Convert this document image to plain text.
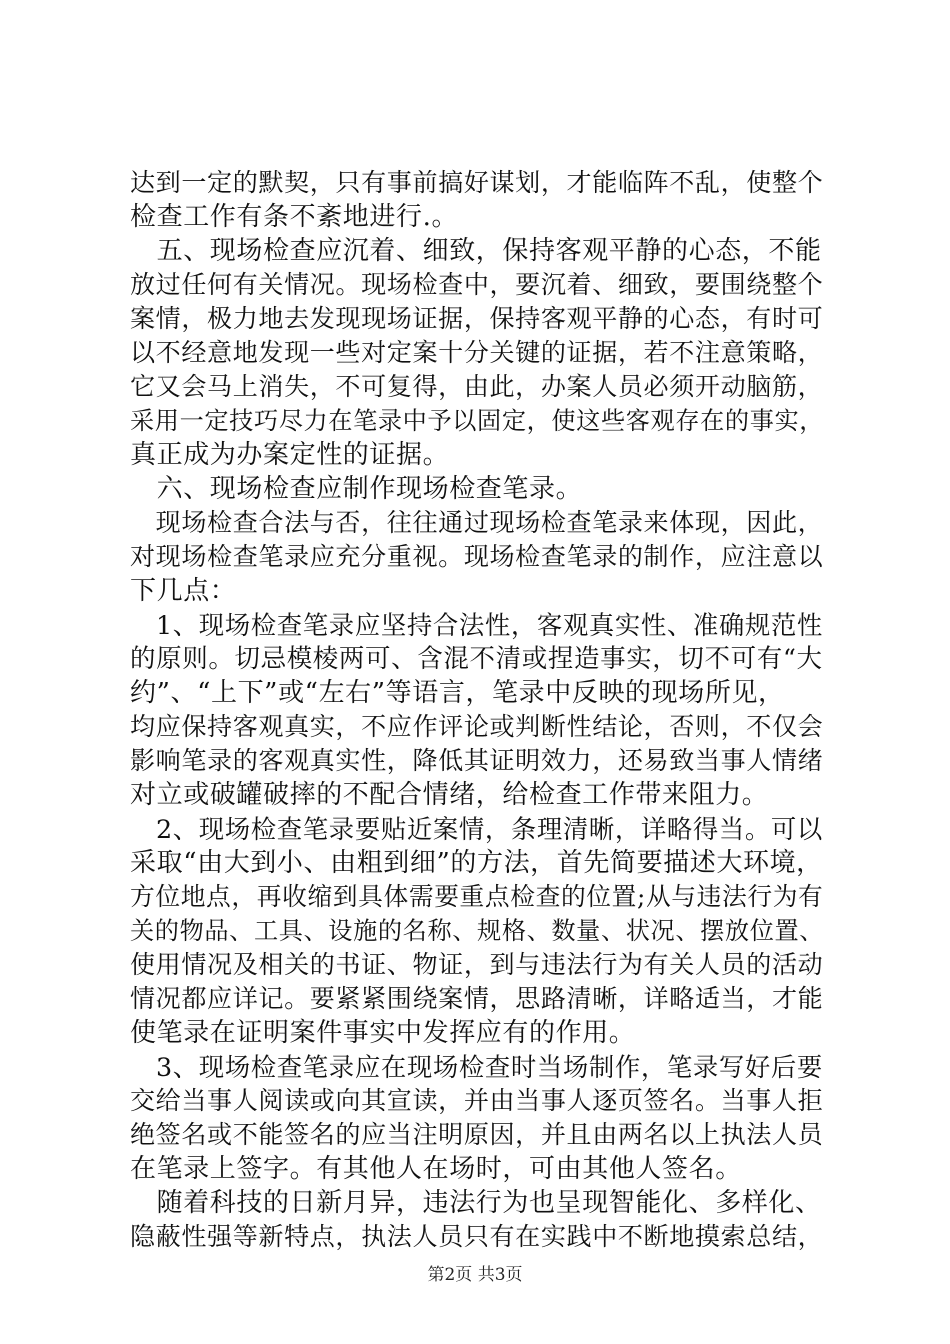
达到一定的默契，只有事前搞好谋划，才能临阵不乱，使整个
检查工作有条不紊地进行.。
　五、现场检查应沉着、细致，保持客观平静的心态，不能
放过任何有关情况。现场检查中，要沉着、细致，要围绕整个
案情，极力地去发现现场证据，保持客观平静的心态，有时可
以不经意地发现一些对定案十分关键的证据，若不注意策略，
它又会马上消失，不可复得，由此，办案人员必须开动脑筋，
采用一定技巧尽力在笔录中予以固定，使这些客观存在的事实，
真正成为办案定性的证据。
　六、现场检查应制作现场检查笔录。
　现场检查合法与否，往往通过现场检查笔录来体现，因此，
对现场检查笔录应充分重视。现场检查笔录的制作，应注意以
下几点：
　1、现场检查笔录应坚持合法性，客观真实性、准确规范性
的原则。切忌模棱两可、含混不清或捏造事实，切不可有“大
约”、“上下”或“左右”等语言，笔录中反映的现场所见，
均应保持客观真实，不应作评论或判断性结论，否则，不仅会
影响笔录的客观真实性，降低其证明效力，还易致当事人情绪
对立或破罐破摔的不配合情绪，给检查工作带来阻力。
　2、现场检查笔录要贴近案情，条理清晰，详略得当。可以
采取“由大到小、由粗到细”的方法，首先简要描述大环境，
方位地点，再收缩到具体需要重点检查的位置;从与违法行为有
关的物品、工具、设施的名称、规格、数量、状况、摆放位置、
使用情况及相关的书证、物证，到与违法行为有关人员的活动
情况都应详记。要紧紧围绕案情，思路清晰，详略适当，才能
使笔录在证明案件事实中发挥应有的作用。
　3、现场检查笔录应在现场检查时当场制作，笔录写好后要
交给当事人阅读或向其宣读，并由当事人逐页签名。当事人拒
绝签名或不能签名的应当注明原因，并且由两名以上执法人员
在笔录上签字。有其他人在场时，可由其他人签名。
　随着科技的日新月异，违法行为也呈现智能化、多样化、
隐蔽性强等新特点，执法人员只有在实践中不断地摸索总结，
第2页 共3页
